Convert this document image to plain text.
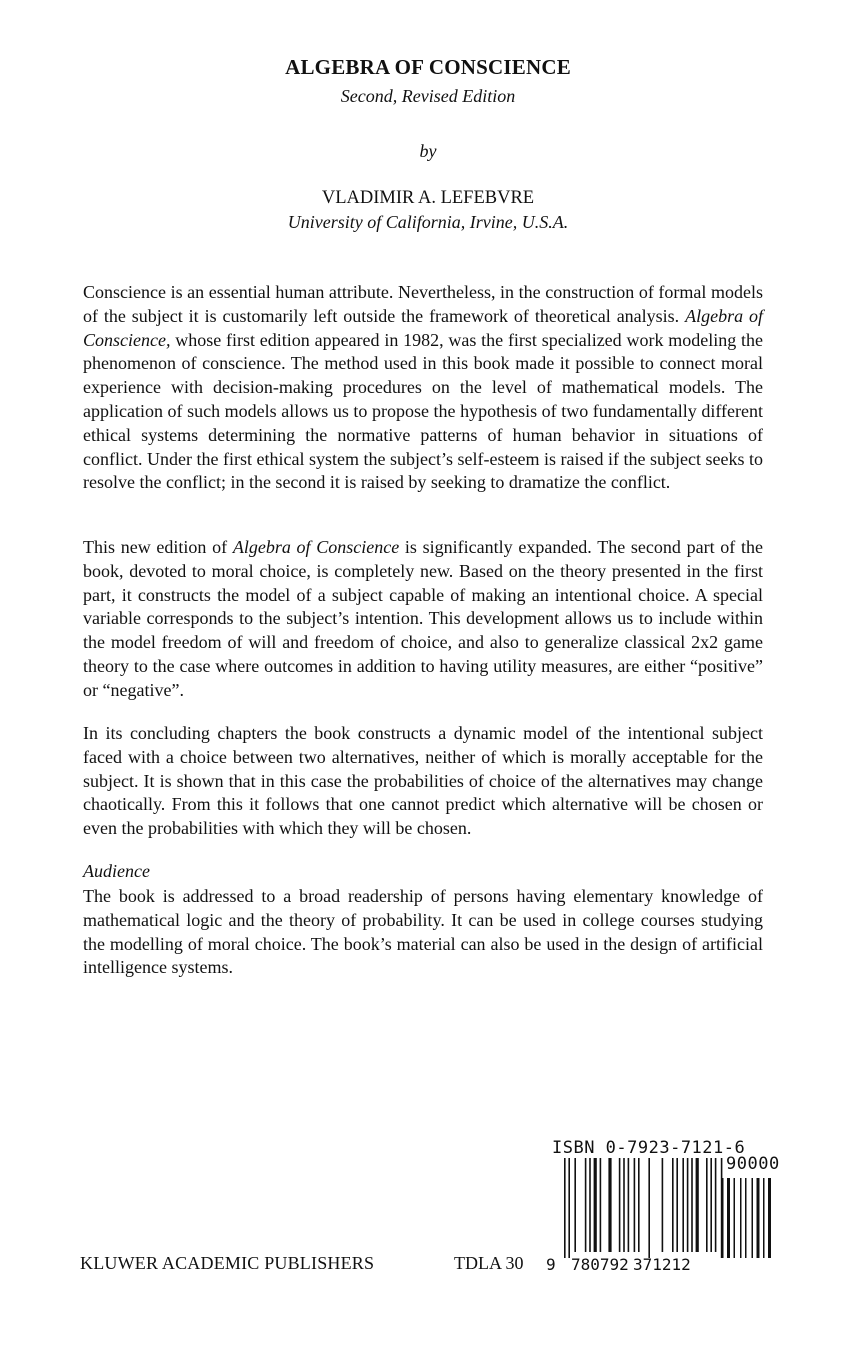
ALGEBRA OF CONSCIENCE
Second, Revised Edition
by
VLADIMIR A. LEFEBVRE
University of California, Irvine, U.S.A.

Conscience is an essential human attribute. Nevertheless, in the construction of formal models of the subject it is customarily left outside the framework of theoretical analysis. Algebra of Conscience, whose first edition appeared in 1982, was the first specialized work modeling the phenomenon of conscience. The method used in this book made it possible to connect moral experience with decision-making procedures on the level of mathematical models. The application of such models allows us to propose the hypothesis of two fundamentally different ethical systems determining the normative patterns of human behavior in situations of conflict. Under the first ethical system the subject’s self-esteem is raised if the subject seeks to resolve the conflict; in the second it is raised by seeking to dramatize the conflict.

This new edition of Algebra of Conscience is significantly expanded. The second part of the book, devoted to moral choice, is completely new. Based on the theory presented in the first part, it constructs the model of a subject capable of making an intentional choice. A special variable corresponds to the subject’s intention. This development allows us to include within the model freedom of will and freedom of choice, and also to generalize classical 2x2 game theory to the case where outcomes in addition to having utility measures, are either “positive” or “negative”.

In its concluding chapters the book constructs a dynamic model of the intentional subject faced with a choice between two alternatives, neither of which is morally acceptable for the subject. It is shown that in this case the probabilities of choice of the alternatives may change chaotically. From this it follows that one cannot predict which alternative will be chosen or even the probabilities with which they will be chosen.

Audience

The book is addressed to a broad readership of persons having elementary knowledge of mathematical logic and the theory of probability. It can be used in college courses studying the modelling of moral choice. The book’s material can also be used in the design of artificial intelligence systems.

KLUWER ACADEMIC PUBLISHERS	TDLA 30
ISBN 0-7923-7121-6
90000
9 780792 371212
